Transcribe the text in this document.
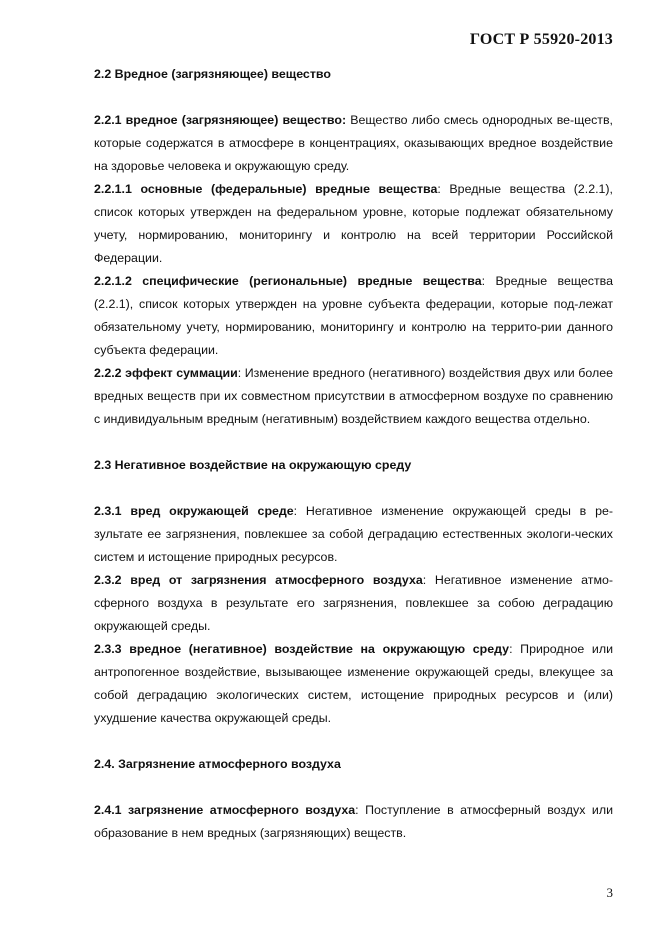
ГОСТ Р 55920-2013
2.2 Вредное (загрязняющее) вещество

2.2.1 вредное (загрязняющее) вещество: Вещество либо смесь однородных ве-ществ, которые содержатся в атмосфере в концентрациях, оказывающих вредное воздействие на здоровье человека и окружающую среду.

2.2.1.1 основные (федеральные) вредные вещества: Вредные вещества (2.2.1), список которых утвержден на федеральном уровне, которые подлежат обязательному учету, нормированию, мониторингу и контролю на всей территории Российской Федерации.

2.2.1.2 специфические (региональные) вредные вещества: Вредные вещества (2.2.1), список которых утвержден на уровне субъекта федерации, которые под-лежат обязательному учету, нормированию, мониторингу и контролю на террито-рии данного субъекта федерации.

2.2.2 эффект суммации: Изменение вредного (негативного) воздействия двух или более вредных веществ при их совместном присутствии в атмосферном воздухе по сравнению с индивидуальным вредным (негативным) воздействием каждого вещества отдельно.

2.3 Негативное воздействие на окружающую среду

2.3.1 вред окружающей среде: Негативное изменение окружающей среды в ре-зультате ее загрязнения, повлекшее за собой деградацию естественных экологи-ческих систем и истощение природных ресурсов.

2.3.2 вред от загрязнения атмосферного воздуха: Негативное изменение атмо-сферного воздуха в результате его загрязнения, повлекшее за собою деградацию окружающей среды.

2.3.3 вредное (негативное) воздействие на окружающую среду: Природное или антропогенное воздействие, вызывающее изменение окружающей среды, влекущее за собой деградацию экологических систем, истощение природных ресурсов и (или) ухудшение качества окружающей среды.

2.4. Загрязнение атмосферного воздуха

2.4.1 загрязнение атмосферного воздуха: Поступление в атмосферный воздух или образование в нем вредных (загрязняющих) веществ.

3
